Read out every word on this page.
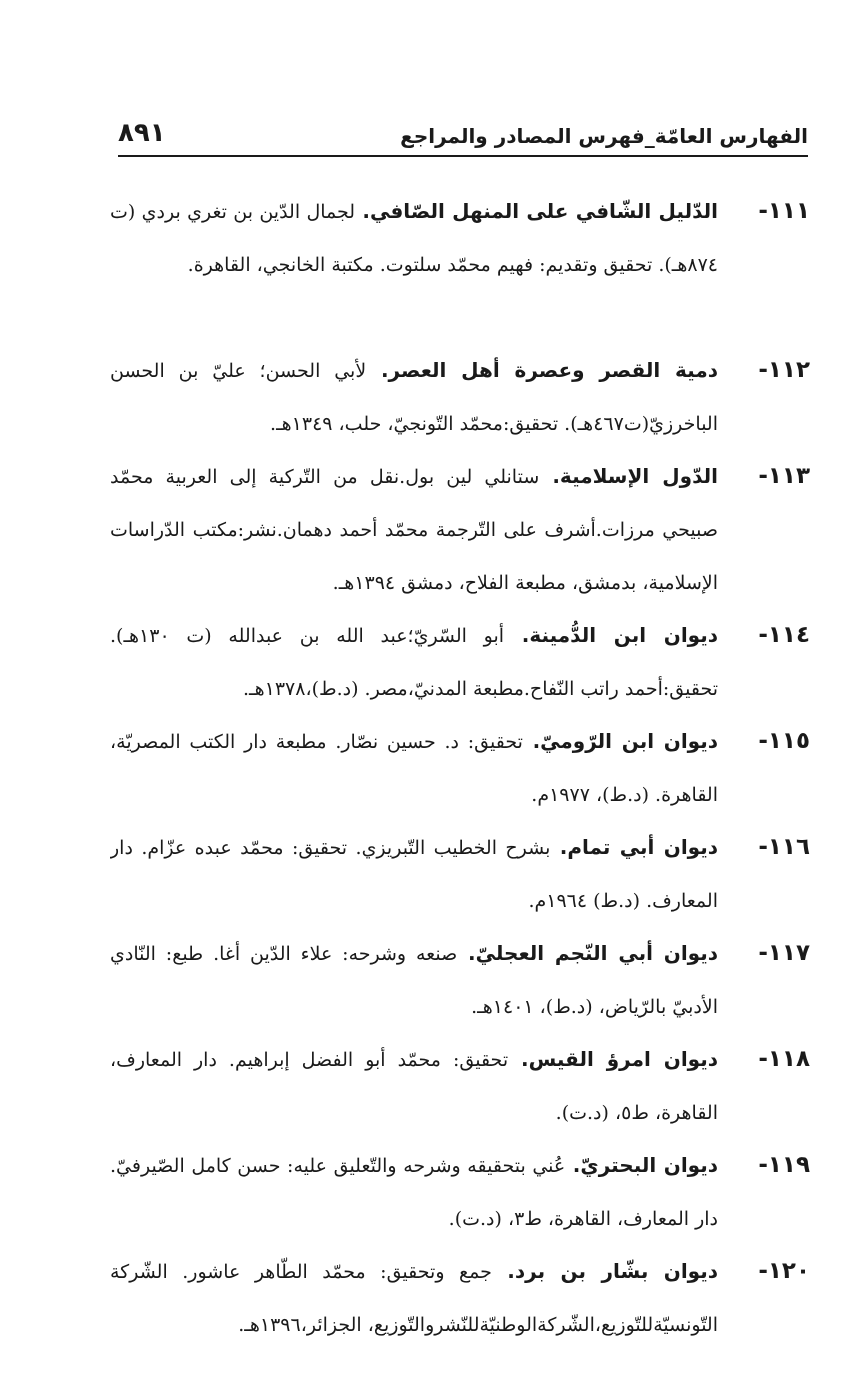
الفهارس العامّة_فهرس المصادر والمراجع
٨٩١
١١١-
الدّليل الشّافي على المنهل الصّافي. لجمال الدّين بن تغري بردي (ت ٨٧٤هـ). تحقيق وتقديم: فهيم محمّد سلتوت. مكتبة الخانجي، القاهرة.
١١٢-
دمية القصر وعصرة أهل العصر. لأبي الحسن؛ عليّ بن الحسن الباخرزيّ(ت٤٦٧هـ). تحقيق:محمّد التّونجيّ، حلب، ١٣٤٩هـ.
١١٣-
الدّول الإسلامية. ستانلي لين بول.نقل من التّركية إلى العربية محمّد صبيحي مرزات.أشرف على التّرجمة محمّد أحمد دهمان.نشر:مكتب الدّراسات الإسلامية، بدمشق، مطبعة الفلاح، دمشق ١٣٩٤هـ.
١١٤-
ديوان ابن الدُّمينة. أبو السّريّ؛عبد الله بن عبدالله (ت ١٣٠هـ). تحقيق:أحمد راتب النّفاح.مطبعة المدنيّ،مصر. (د.ط)،١٣٧٨هـ.
١١٥-
ديوان ابن الرّوميّ. تحقيق: د. حسين نصّار. مطبعة دار الكتب المصريّة، القاهرة. (د.ط)، ١٩٧٧م.
١١٦-
ديوان أبي تمام. بشرح الخطيب التّبريزي. تحقيق: محمّد عبده عزّام. دار المعارف. (د.ط) ١٩٦٤م.
١١٧-
ديوان أبي النّجم العجليّ. صنعه وشرحه: علاء الدّين أغا. طبع: النّادي الأدبيّ بالرّياض، (د.ط)، ١٤٠١هـ.
١١٨-
ديوان امرؤ القيس. تحقيق: محمّد أبو الفضل إبراهيم. دار المعارف، القاهرة، ط٥، (د.ت).
١١٩-
ديوان البحتريّ. عُني بتحقيقه وشرحه والتّعليق عليه: حسن كامل الصّيرفيّ. دار المعارف، القاهرة، ط٣، (د.ت).
١٢٠-
ديوان بشّار بن برد. جمع وتحقيق: محمّد الطّاهر عاشور. الشّركة التّونسيّةللتّوزيع،الشّركةالوطنيّةللنّشروالتّوزيع، الجزائر،١٣٩٦هـ.
